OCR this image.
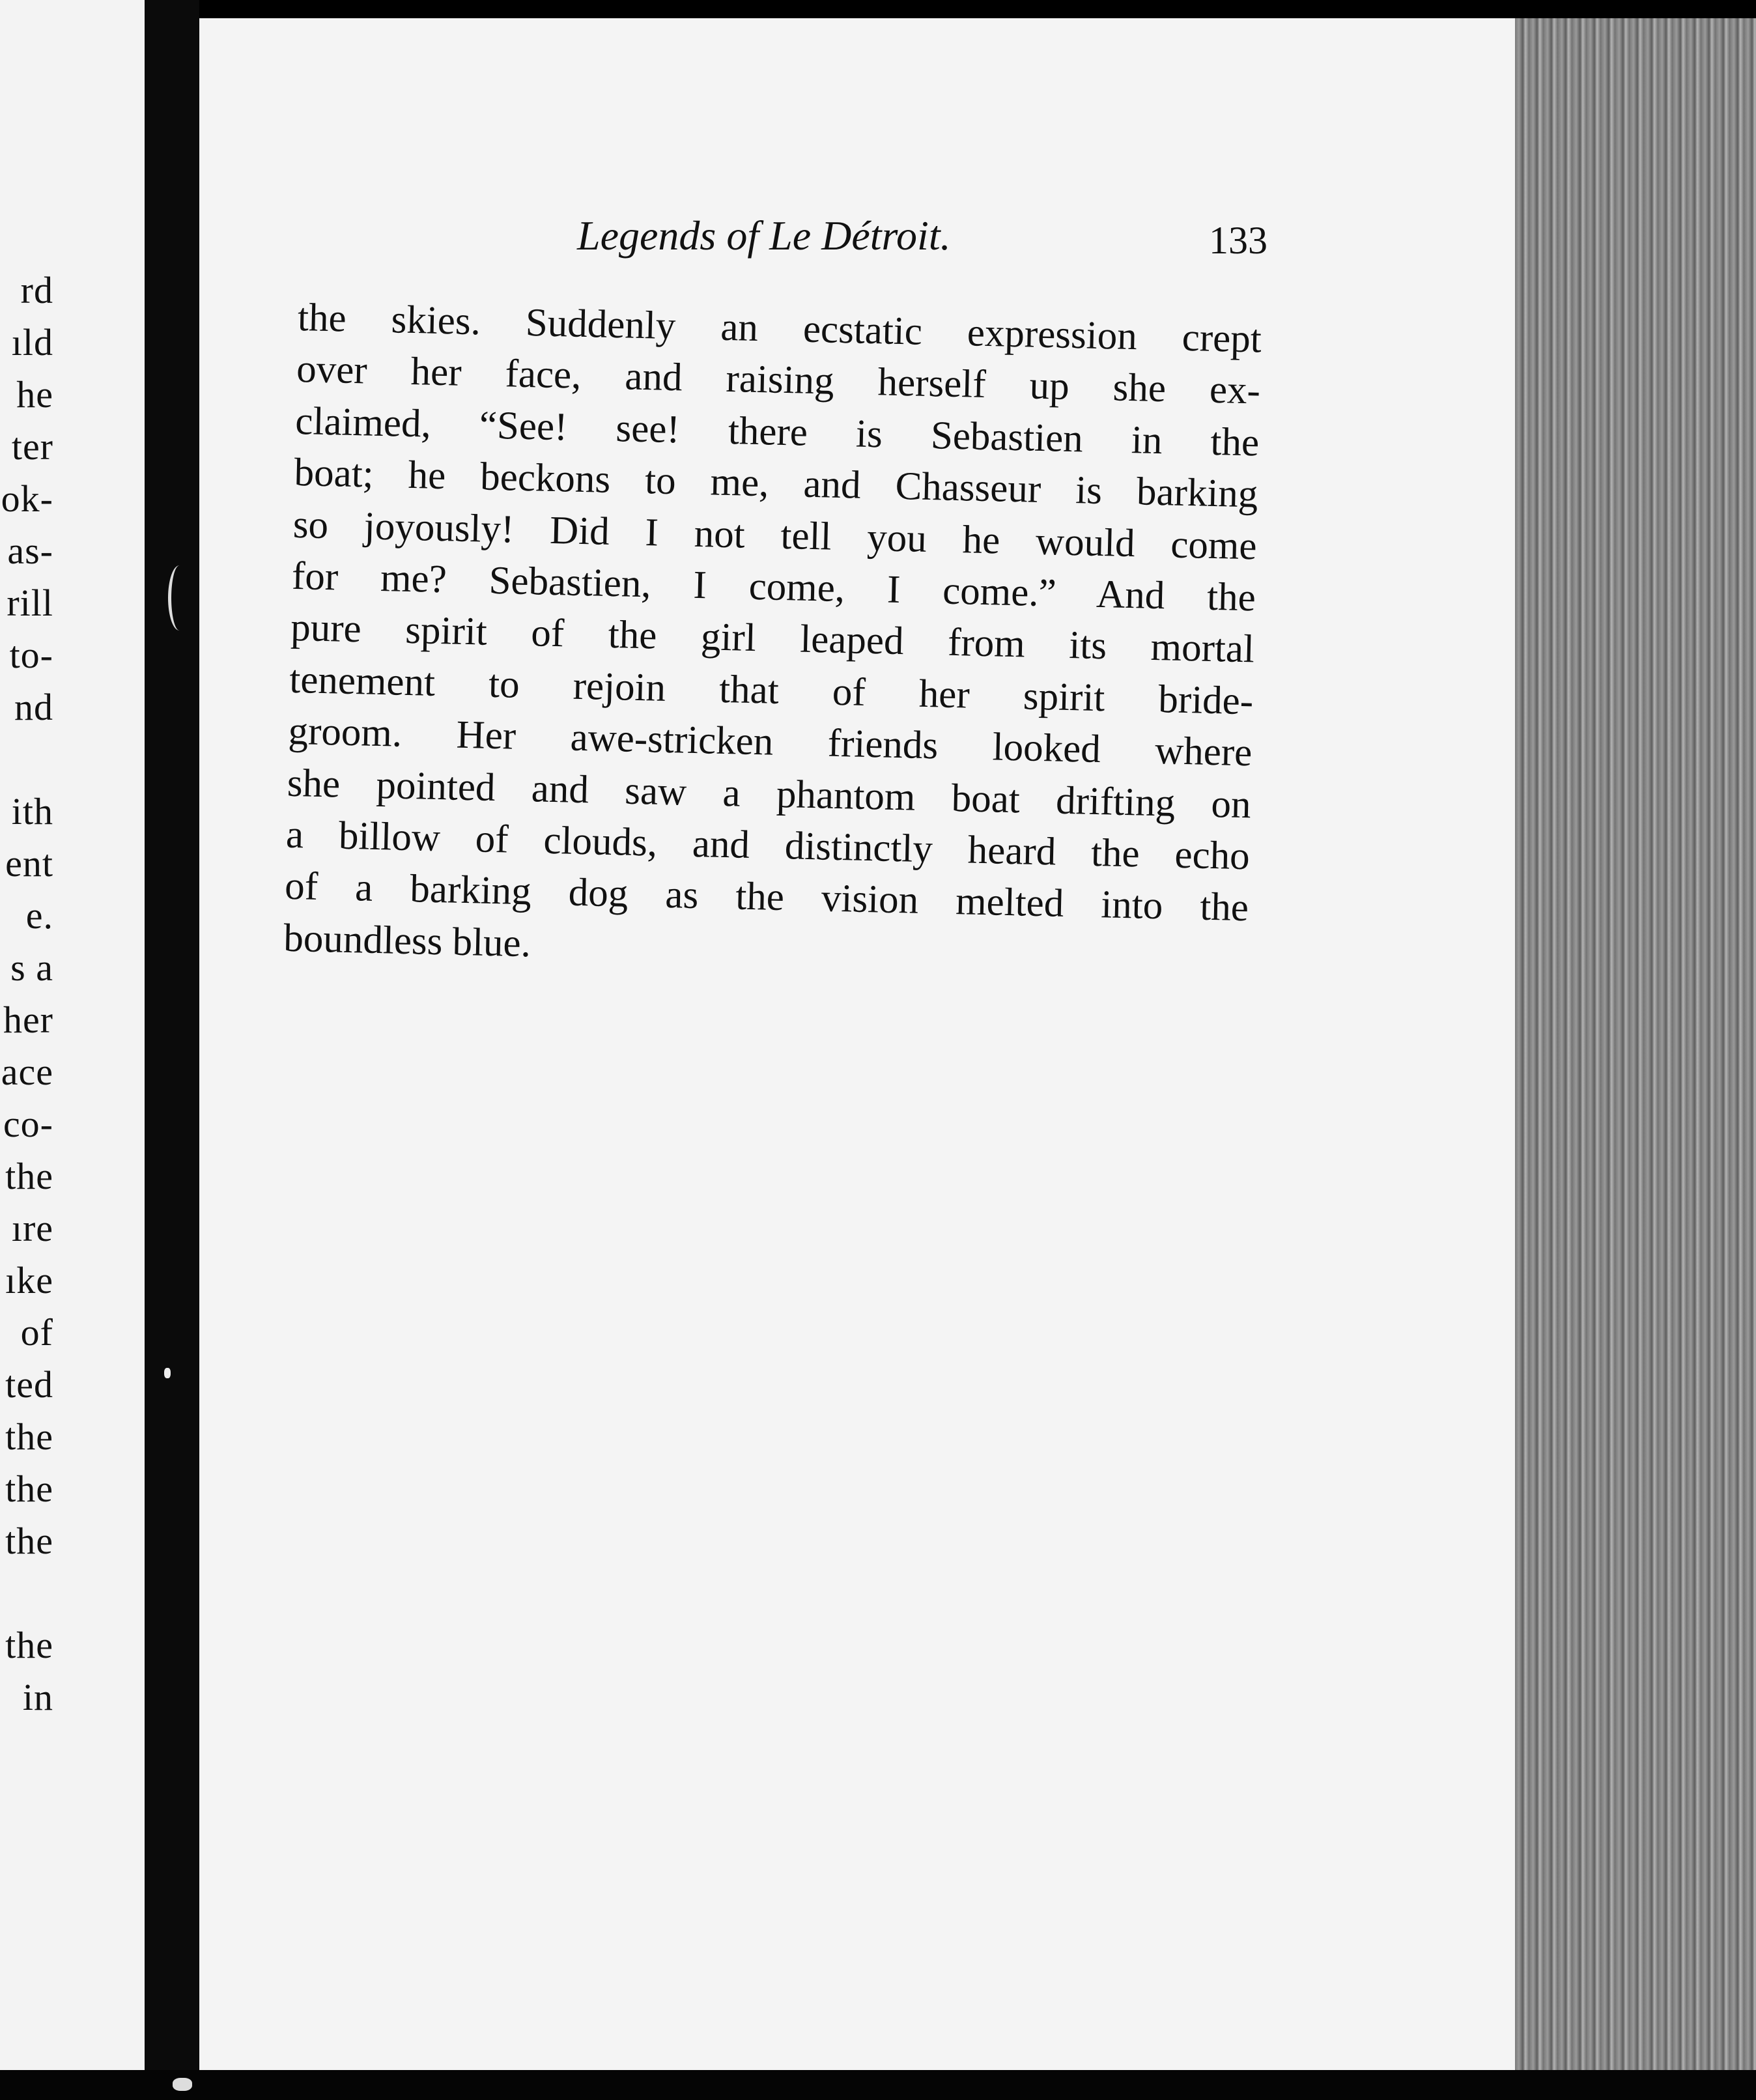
rd
ıld
he
ter
ok-
as-
rill
to-
nd
ith
ent
e.
s a
her
ace
co-
the
ıre
ıke
of
ted
the
the
the
the
in
Legends of Le Détroit.	133
the skies. Suddenly an ecstatic expression crept
over her face, and raising herself up she ex-
claimed, “See! see! there is Sebastien in the
boat; he beckons to me, and Chasseur is barking
so joyously! Did I not tell you he would come
for me? Sebastien, I come, I come.” And the
pure spirit of the girl leaped from its mortal
tenement to rejoin that of her spirit bride-
groom. Her awe-stricken friends looked where
she pointed and saw a phantom boat drifting on
a billow of clouds, and distinctly heard the echo
of a barking dog as the vision melted into the
boundless blue.
